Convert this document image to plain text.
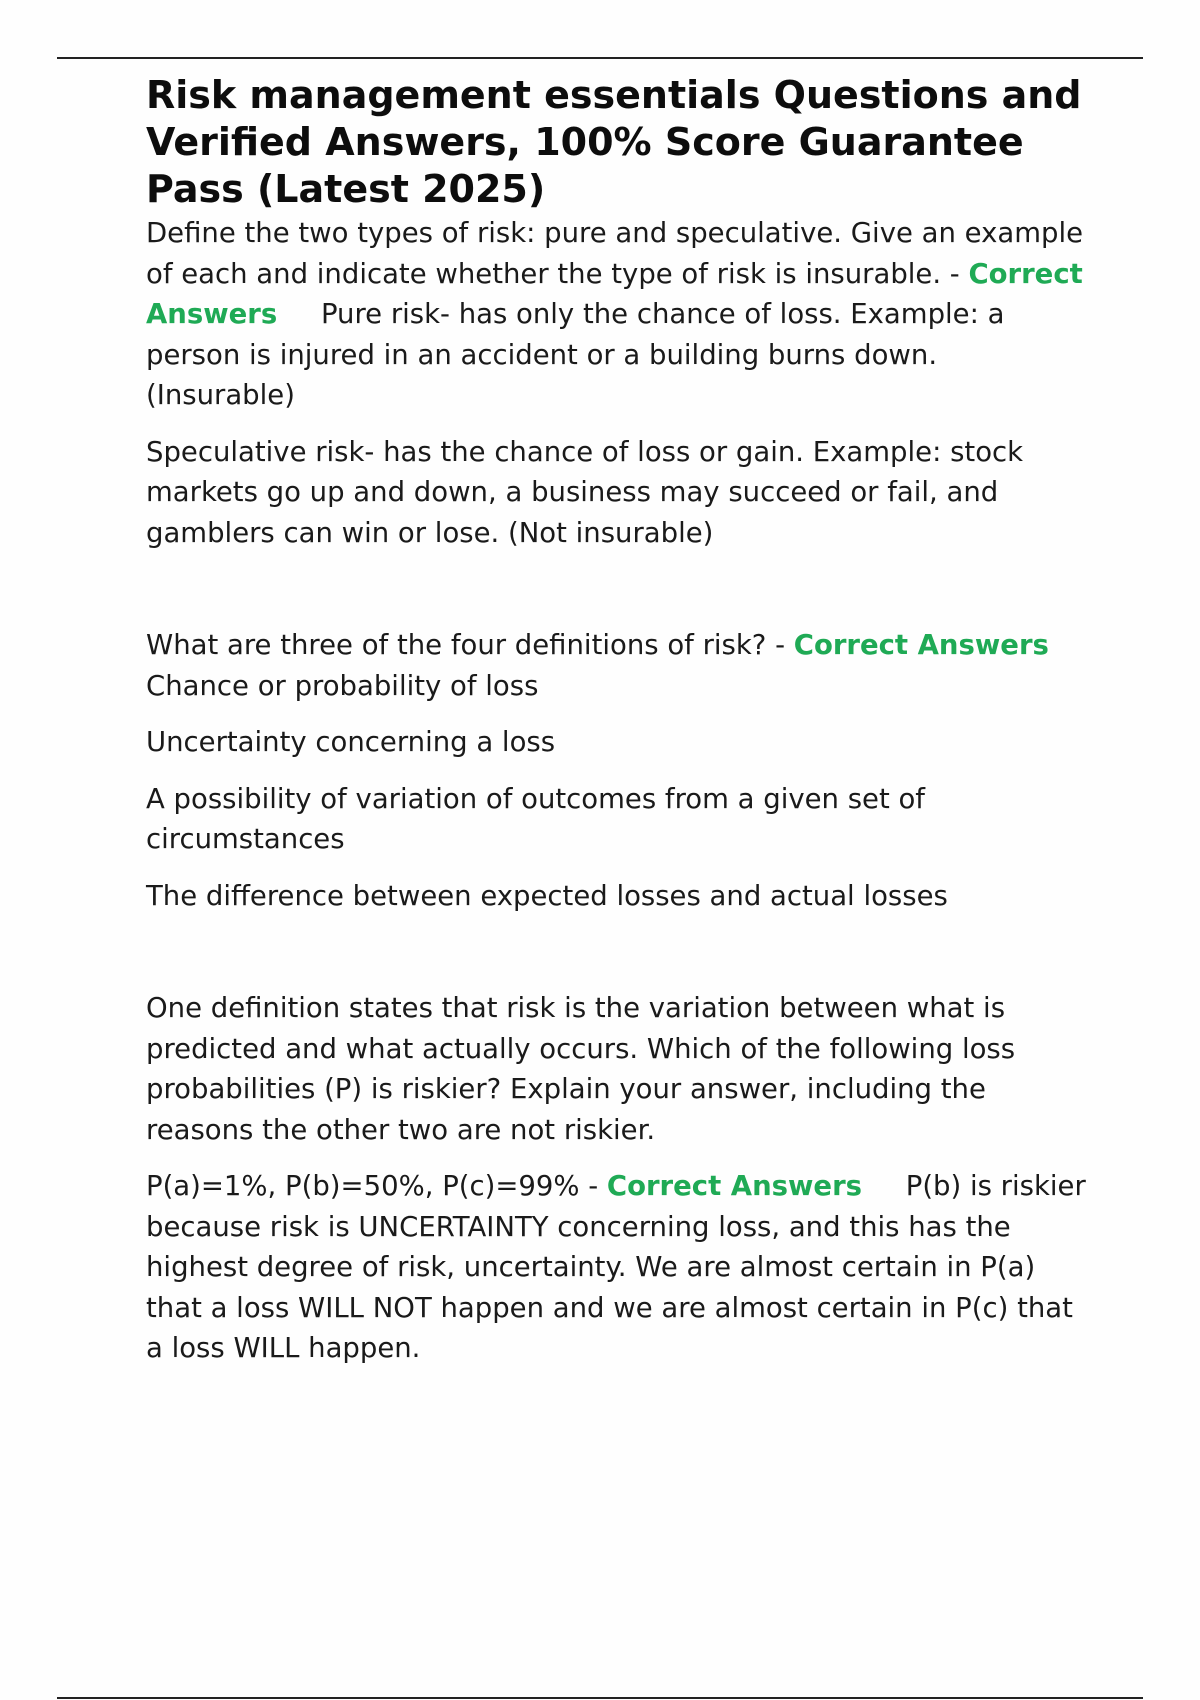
Risk management essentials Questions and Verified Answers, 100% Score Guarantee Pass (Latest 2025)

Define the two types of risk: pure and speculative. Give an example of each and indicate whether the type of risk is insurable. - Correct Answers Pure risk- has only the chance of loss. Example: a person is injured in an accident or a building burns down. (Insurable)

Speculative risk- has the chance of loss or gain. Example: stock markets go up and down, a business may succeed or fail, and gamblers can win or lose. (Not insurable)

What are three of the four definitions of risk? - Correct Answers     Chance or probability of loss

Uncertainty concerning a loss

A possibility of variation of outcomes from a given set of circumstances

The difference between expected losses and actual losses

One definition states that risk is the variation between what is predicted and what actually occurs. Which of the following loss probabilities (P) is riskier? Explain your answer, including the reasons the other two are not riskier.

P(a)=1%, P(b)=50%, P(c)=99% - Correct Answers P(b) is riskier because risk is UNCERTAINTY concerning loss, and this has the highest degree of risk, uncertainty. We are almost certain in P(a) that a loss WILL NOT happen and we are almost certain in P(c) that a loss WILL happen.
